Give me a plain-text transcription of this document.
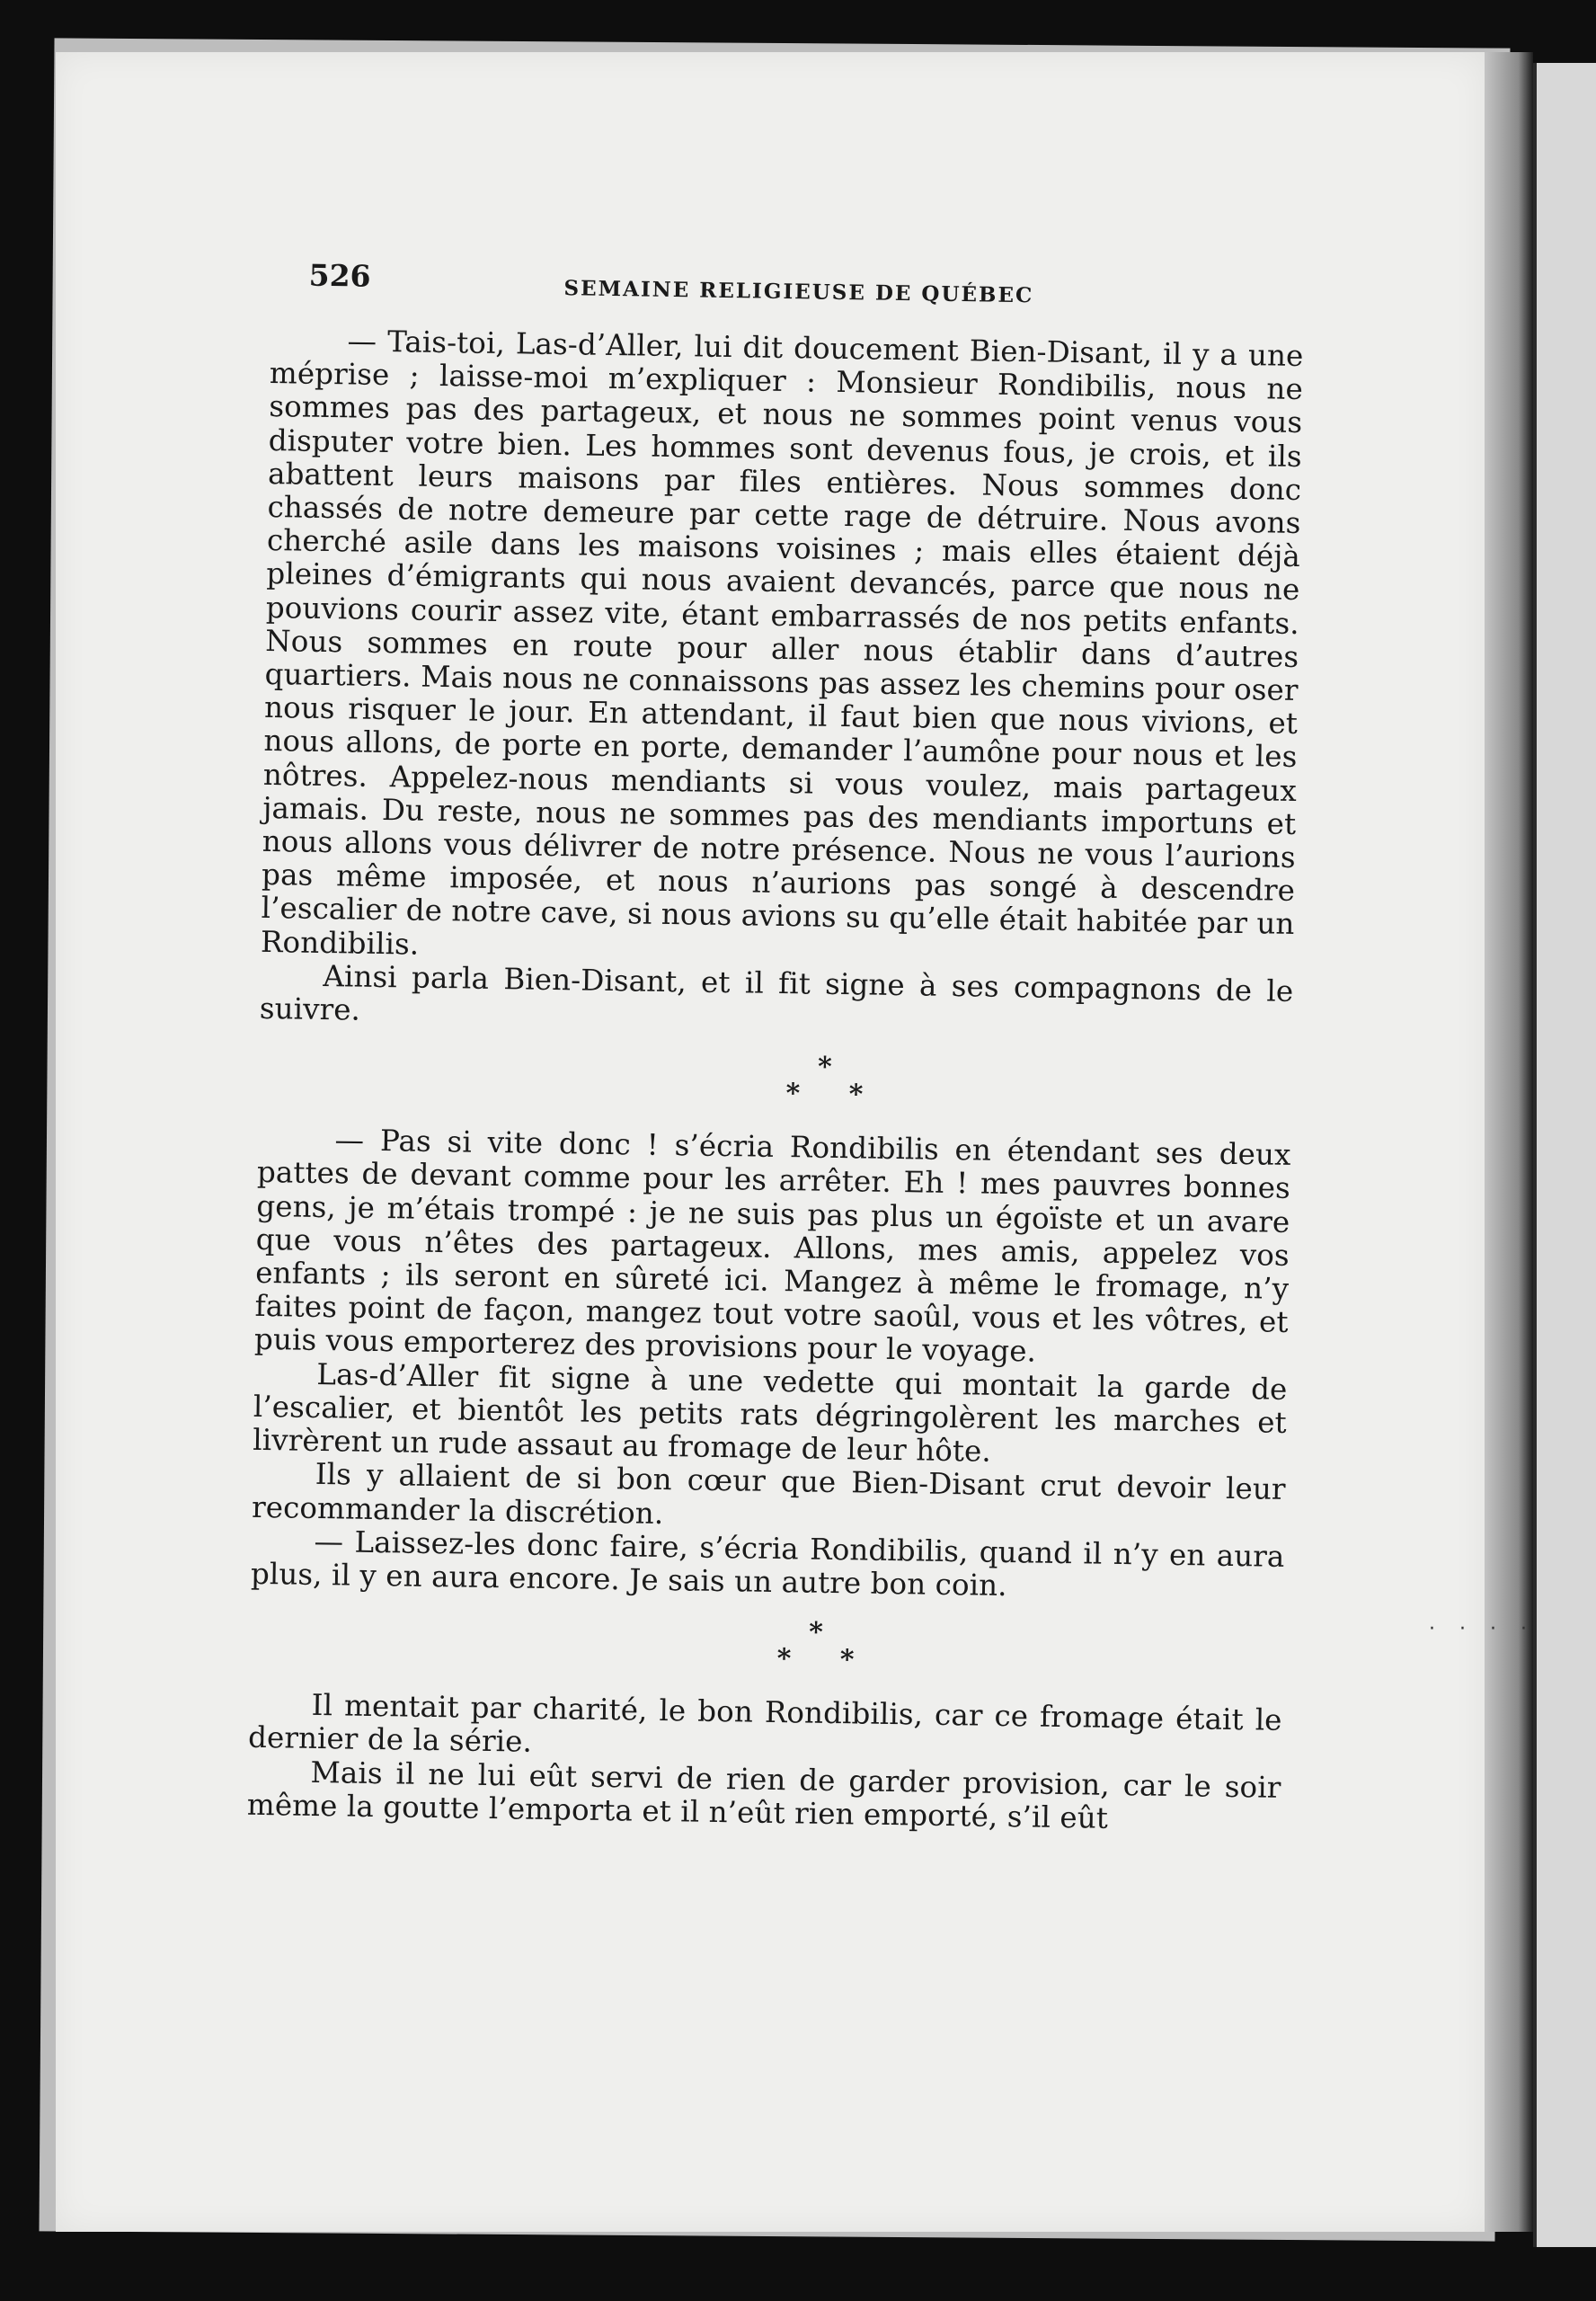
· · · ·
526	SEMAINE RELIGIEUSE DE QUÉBEC

— Tais-toi, Las-d’Aller, lui dit doucement Bien-Disant, il y a une méprise ; laisse-moi m’expliquer : Monsieur Rondibilis, nous ne sommes pas des partageux, et nous ne sommes point venus vous disputer votre bien. Les hommes sont devenus fous, je crois, et ils abattent leurs maisons par files entières. Nous sommes donc chassés de notre demeure par cette rage de détruire. Nous avons cherché asile dans les maisons voisines ; mais elles étaient déjà pleines d’émigrants qui nous avaient devancés, parce que nous ne pouvions courir assez vite, étant embarrassés de nos petits enfants. Nous sommes en route pour aller nous établir dans d’autres quartiers. Mais nous ne connaissons pas assez les chemins pour oser nous risquer le jour. En attendant, il faut bien que nous vivions, et nous allons, de porte en porte, demander l’aumône pour nous et les nôtres. Appelez-nous mendiants si vous voulez, mais partageux jamais. Du reste, nous ne sommes pas des mendiants importuns et nous allons vous délivrer de notre présence. Nous ne vous l’aurions pas même imposée, et nous n’aurions pas songé à descendre l’escalier de notre cave, si nous avions su qu’elle était habitée par un Rondibilis.

Ainsi parla Bien-Disant, et il fit signe à ses compagnons de le suivre.

*
* *

— Pas si vite donc ! s’écria Rondibilis en étendant ses deux pattes de devant comme pour les arrêter. Eh ! mes pauvres bonnes gens, je m’étais trompé : je ne suis pas plus un égoïste et un avare que vous n’êtes des partageux. Allons, mes amis, appelez vos enfants ; ils seront en sûreté ici. Mangez à même le fromage, n’y faites point de façon, mangez tout votre saoûl, vous et les vôtres, et puis vous emporterez des provisions pour le voyage.

Las-d’Aller fit signe à une vedette qui montait la garde de l’escalier, et bientôt les petits rats dégringolèrent les marches et livrèrent un rude assaut au fromage de leur hôte.

Ils y allaient de si bon cœur que Bien-Disant crut devoir leur recommander la discrétion.

— Laissez-les donc faire, s’écria Rondibilis, quand il n’y en aura plus, il y en aura encore. Je sais un autre bon coin.

*
* *

Il mentait par charité, le bon Rondibilis, car ce fromage était le dernier de la série.

Mais il ne lui eût servi de rien de garder provision, car le soir même la goutte l’emporta et il n’eût rien emporté, s’il eût
